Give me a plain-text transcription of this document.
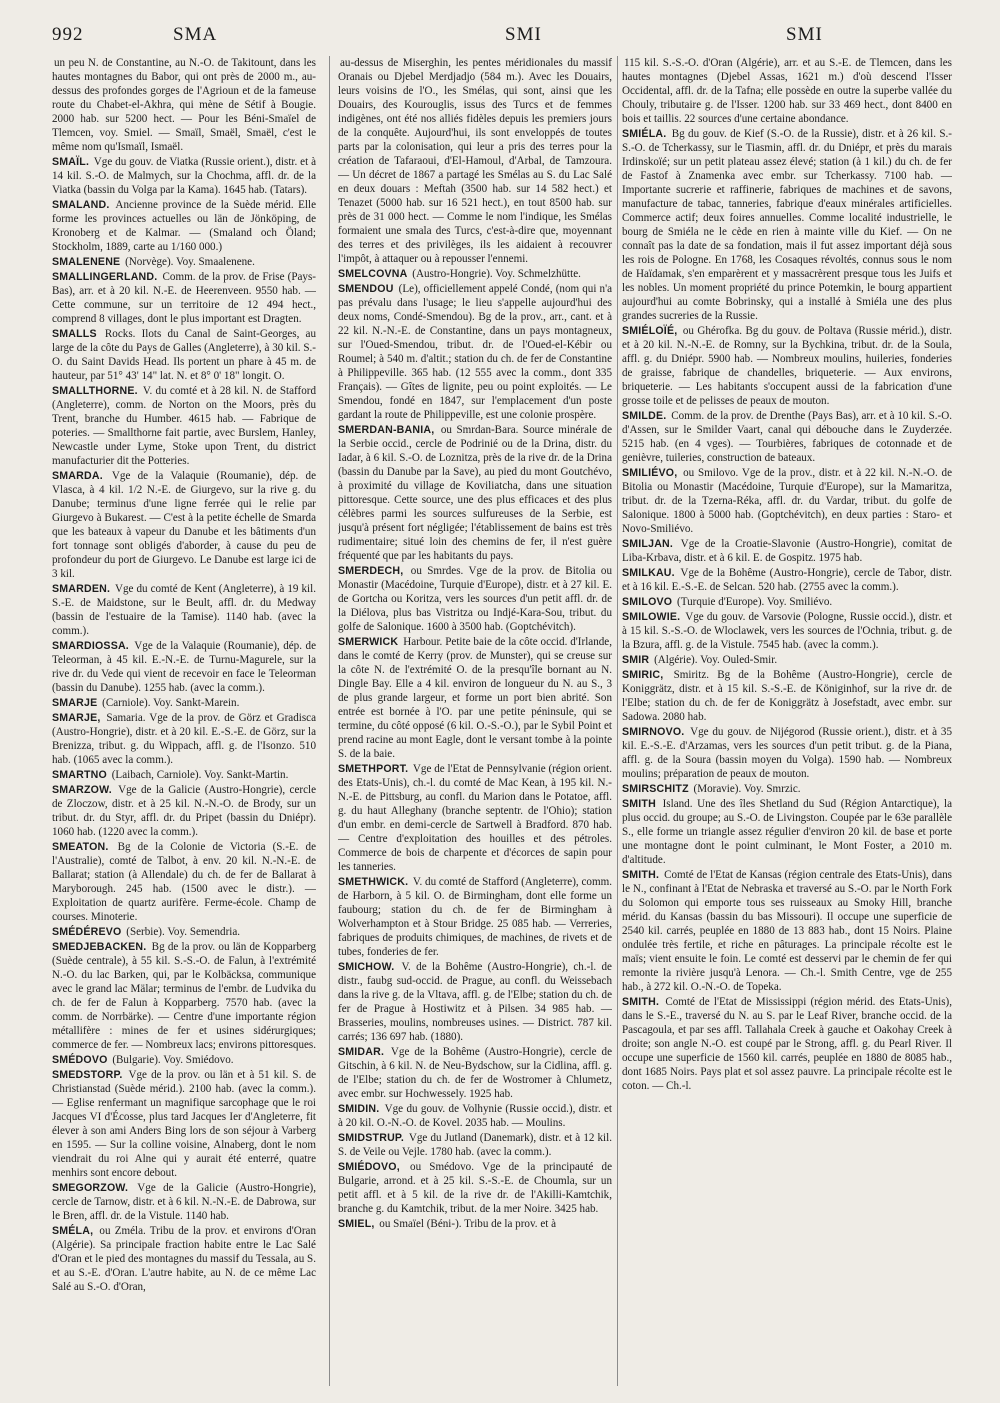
992	SMA	SMI	SMI

un peu N. de Constantine, au N.-O. de Takitount, dans les hautes montagnes du Babor, qui ont près de 2000 m., au-dessus des profondes gorges de l'Agrioun et de la fameuse route du Chabet-el-Akhra, qui mène de Sétif à Bougie. 2000 hab. sur 5200 hect. — Pour les Béni-Smaïel de Tlemcen, voy. Smiel. — Smaïl, Smaël, Smaël, c'est le même nom qu'Ismaïl, Ismaël.

SMAÏL. Vge du gouv. de Viatka (Russie orient.), distr. et à 14 kil. S.-O. de Malmych, sur la Chochma, affl. dr. de la Viatka (bassin du Volga par la Kama). 1645 hab. (Tatars).

SMALAND. Ancienne province de la Suède mérid. Elle forme les provinces actuelles ou län de Jönköping, de Kronoberg et de Kalmar. — (Smaland och Öland; Stockholm, 1889, carte au 1/160 000.)

SMALENENE (Norvège). Voy. Smaalenene.

SMALLINGERLAND. Comm. de la prov. de Frise (Pays-Bas), arr. et à 20 kil. N.-E. de Heerenveen. 9550 hab. — Cette commune, sur un territoire de 12 494 hect., comprend 8 villages, dont le plus important est Dragten.

SMALLS Rocks. Ilots du Canal de Saint-Georges, au large de la côte du Pays de Galles (Angleterre), à 30 kil. S.-O. du Saint Davids Head. Ils portent un phare à 45 m. de hauteur, par 51° 43' 14" lat. N. et 8° 0' 18" longit. O.

SMALLTHORNE. V. du comté et à 28 kil. N. de Stafford (Angleterre), comm. de Norton on the Moors, près du Trent, branche du Humber. 4615 hab. — Fabrique de poteries. — Smallthorne fait partie, avec Burslem, Hanley, Newcastle under Lyme, Stoke upon Trent, du district manufacturier dit the Potteries.

SMARDA. Vge de la Valaquie (Roumanie), dép. de Vlasca, à 4 kil. 1/2 N.-E. de Giurgevo, sur la rive g. du Danube; terminus d'une ligne ferrée qui le relie par Giurgevo à Bukarest. — C'est à la petite échelle de Smarda que les bateaux à vapeur du Danube et les bâtiments d'un fort tonnage sont obligés d'aborder, à cause du peu de profondeur du port de Giurgevo. Le Danube est large ici de 3 kil.

SMARDEN. Vge du comté de Kent (Angleterre), à 19 kil. S.-E. de Maidstone, sur le Beult, affl. dr. du Medway (bassin de l'estuaire de la Tamise). 1140 hab. (avec la comm.).

SMARDIOSSA. Vge de la Valaquie (Roumanie), dép. de Teleorman, à 45 kil. E.-N.-E. de Turnu-Magurele, sur la rive dr. du Vede qui vient de recevoir en face le Teleorman (bassin du Danube). 1255 hab. (avec la comm.).

SMARJE (Carniole). Voy. Sankt-Marein.

SMARJE, Samaria. Vge de la prov. de Görz et Gradisca (Austro-Hongrie), distr. et à 20 kil. E.-S.-E. de Görz, sur la Brenizza, tribut. g. du Wippach, affl. g. de l'Isonzo. 510 hab. (1065 avec la comm.).

SMARTNO (Laibach, Carniole). Voy. Sankt-Martin.

SMARZOW. Vge de la Galicie (Austro-Hongrie), cercle de Zloczow, distr. et à 25 kil. N.-N.-O. de Brody, sur un tribut. dr. du Styr, affl. dr. du Pripet (bassin du Dniépr). 1060 hab. (1220 avec la comm.).

SMEATON. Bg de la Colonie de Victoria (S.-E. de l'Australie), comté de Talbot, à env. 20 kil. N.-N.-E. de Ballarat; station (à Allendale) du ch. de fer de Ballarat à Maryborough. 245 hab. (1500 avec le distr.). — Exploitation de quartz aurifère. Ferme-école. Champ de courses. Minoterie.

SMÉDÉREVO (Serbie). Voy. Semendria.

SMEDJEBACKEN. Bg de la prov. ou län de Kopparberg (Suède centrale), à 55 kil. S.-S.-O. de Falun, à l'extrémité N.-O. du lac Barken, qui, par le Kolbäcksa, communique avec le grand lac Mälar; terminus de l'embr. de Ludvika du ch. de fer de Falun à Kopparberg. 7570 hab. (avec la comm. de Norrbärke). — Centre d'une importante région métallifère : mines de fer et usines sidérurgiques; commerce de fer. — Nombreux lacs; environs pittoresques.

SMÉDOVO (Bulgarie). Voy. Smiédovo.

SMEDSTORP. Vge de la prov. ou län et à 51 kil. S. de Christianstad (Suède mérid.). 2100 hab. (avec la comm.). — Eglise renfermant un magnifique sarcophage que le roi Jacques VI d'Écosse, plus tard Jacques Ier d'Angleterre, fit élever à son ami Anders Bing lors de son séjour à Varberg en 1595. — Sur la colline voisine, Alnaberg, dont le nom viendrait du roi Alne qui y aurait été enterré, quatre menhirs sont encore debout.

SMEGORZOW. Vge de la Galicie (Austro-Hongrie), cercle de Tarnow, distr. et à 6 kil. N.-N.-E. de Dabrowa, sur le Bren, affl. dr. de la Vistule. 1140 hab.

SMÉLA, ou Zméla. Tribu de la prov. et environs d'Oran (Algérie). Sa principale fraction habite entre le Lac Salé d'Oran et le pied des montagnes du massif du Tessala, au S. et au S.-E. d'Oran. L'autre habite, au N. de ce même Lac Salé au S.-O. d'Oran,

au-dessus de Miserghin, les pentes méridionales du massif Oranais ou Djebel Merdjadjo (584 m.). Avec les Douairs, leurs voisins de l'O., les Smélas, qui sont, ainsi que les Douairs, des Kourouglis, issus des Turcs et de femmes indigènes, ont été nos alliés fidèles depuis les premiers jours de la conquête. Aujourd'hui, ils sont enveloppés de toutes parts par la colonisation, qui leur a pris des terres pour la création de Tafaraoui, d'El-Hamoul, d'Arbal, de Tamzoura. — Un décret de 1867 a partagé les Smélas au S. du Lac Salé en deux douars : Meftah (3500 hab. sur 14 582 hect.) et Tenazet (5000 hab. sur 16 521 hect.), en tout 8500 hab. sur près de 31 000 hect. — Comme le nom l'indique, les Smélas formaient une smala des Turcs, c'est-à-dire que, moyennant des terres et des privilèges, ils les aidaient à recouvrer l'impôt, à attaquer ou à repousser l'ennemi.

SMELCOVNA (Austro-Hongrie). Voy. Schmelzhütte.

SMENDOU (Le), officiellement appelé Condé, (nom qui n'a pas prévalu dans l'usage; le lieu s'appelle aujourd'hui des deux noms, Condé-Smendou). Bg de la prov., arr., cant. et à 22 kil. N.-N.-E. de Constantine, dans un pays montagneux, sur l'Oued-Smendou, tribut. dr. de l'Oued-el-Kébir ou Roumel; à 540 m. d'altit.; station du ch. de fer de Constantine à Philippeville. 365 hab. (12 555 avec la comm., dont 335 Français). — Gîtes de lignite, peu ou point exploités. — Le Smendou, fondé en 1847, sur l'emplacement d'un poste gardant la route de Philippeville, est une colonie prospère.

SMERDAN-BANIA, ou Smrdan-Bara. Source minérale de la Serbie occid., cercle de Podrinié ou de la Drina, distr. du Iadar, à 6 kil. S.-O. de Loznitza, près de la rive dr. de la Drina (bassin du Danube par la Save), au pied du mont Goutchévo, à proximité du village de Koviliatcha, dans une situation pittoresque. Cette source, une des plus efficaces et des plus célèbres parmi les sources sulfureuses de la Serbie, est jusqu'à présent fort négligée; l'établissement de bains est très rudimentaire; situé loin des chemins de fer, il n'est guère fréquenté que par les habitants du pays.

SMERDECH, ou Smrdes. Vge de la prov. de Bitolia ou Monastir (Macédoine, Turquie d'Europe), distr. et à 27 kil. E. de Gortcha ou Koritza, vers les sources d'un petit affl. dr. de la Diélova, plus bas Vistritza ou Indjé-Kara-Sou, tribut. du golfe de Salonique. 1600 à 3500 hab. (Goptchévitch).

SMERWICK Harbour. Petite baie de la côte occid. d'Irlande, dans le comté de Kerry (prov. de Munster), qui se creuse sur la côte N. de l'extrémité O. de la presqu'île bornant au N. Dingle Bay. Elle a 4 kil. environ de longueur du N. au S., 3 de plus grande largeur, et forme un port bien abrité. Son entrée est bornée à l'O. par une petite péninsule, qui se termine, du côté opposé (6 kil. O.-S.-O.), par le Sybil Point et prend racine au mont Eagle, dont le versant tombe à la pointe S. de la baie.

SMETHPORT. Vge de l'Etat de Pennsylvanie (région orient. des Etats-Unis), ch.-l. du comté de Mac Kean, à 195 kil. N.-N.-E. de Pittsburg, au confl. du Marion dans le Potatoe, affl. g. du haut Alleghany (branche septentr. de l'Ohio); station d'un embr. en demi-cercle de Sartwell à Bradford. 870 hab. — Centre d'exploitation des houilles et des pétroles. Commerce de bois de charpente et d'écorces de sapin pour les tanneries.

SMETHWICK. V. du comté de Stafford (Angleterre), comm. de Harborn, à 5 kil. O. de Birmingham, dont elle forme un faubourg; station du ch. de fer de Birmingham à Wolverhampton et à Stour Bridge. 25 085 hab. — Verreries, fabriques de produits chimiques, de machines, de rivets et de tubes, fonderies de fer.

SMICHOW. V. de la Bohême (Austro-Hongrie), ch.-l. de distr., faubg sud-occid. de Prague, au confl. du Weissebach dans la rive g. de la Vltava, affl. g. de l'Elbe; station du ch. de fer de Prague à Hostiwitz et à Pilsen. 34 985 hab. — Brasseries, moulins, nombreuses usines. — District. 787 kil. carrés; 136 697 hab. (1880).

SMIDAR. Vge de la Bohême (Austro-Hongrie), cercle de Gitschin, à 6 kil. N. de Neu-Bydschow, sur la Cidlina, affl. g. de l'Elbe; station du ch. de fer de Wostromer à Chlumetz, avec embr. sur Hochwessely. 1925 hab.

SMIDIN. Vge du gouv. de Volhynie (Russie occid.), distr. et à 20 kil. O.-N.-O. de Kovel. 2035 hab. — Moulins.

SMIDSTRUP. Vge du Jutland (Danemark), distr. et à 12 kil. S. de Veile ou Vejle. 1780 hab. (avec la comm.).

SMIÉDOVO, ou Smédovo. Vge de la principauté de Bulgarie, arrond. et à 25 kil. S.-S.-E. de Choumla, sur un petit affl. et à 5 kil. de la rive dr. de l'Akilli-Kamtchik, branche g. du Kamtchik, tribut. de la mer Noire. 3425 hab.

SMIEL, ou Smaïel (Béni-). Tribu de la prov. et à

115 kil. S.-S.-O. d'Oran (Algérie), arr. et au S.-E. de Tlemcen, dans les hautes montagnes (Djebel Assas, 1621 m.) d'où descend l'Isser Occidental, affl. dr. de la Tafna; elle possède en outre la superbe vallée du Chouly, tributaire g. de l'Isser. 1200 hab. sur 33 469 hect., dont 8400 en bois et taillis. 22 sources d'une certaine abondance.

SMIÉLA. Bg du gouv. de Kief (S.-O. de la Russie), distr. et à 26 kil. S.-S.-O. de Tcherkassy, sur le Tiasmin, affl. dr. du Dniépr, et près du marais Irdinskoïé; sur un petit plateau assez élevé; station (à 1 kil.) du ch. de fer de Fastof à Znamenka avec embr. sur Tcherkassy. 7100 hab. — Importante sucrerie et raffinerie, fabriques de machines et de savons, manufacture de tabac, tanneries, fabrique d'eaux minérales artificielles. Commerce actif; deux foires annuelles. Comme localité industrielle, le bourg de Smiéla ne le cède en rien à mainte ville du Kief. — On ne connaît pas la date de sa fondation, mais il fut assez important déjà sous les rois de Pologne. En 1768, les Cosaques révoltés, connus sous le nom de Haïdamak, s'en emparèrent et y massacrèrent presque tous les Juifs et les nobles. Un moment propriété du prince Potemkin, le bourg appartient aujourd'hui au comte Bobrinsky, qui a installé à Smiéla une des plus grandes sucreries de la Russie.

SMIÉLOÏÉ, ou Ghérofka. Bg du gouv. de Poltava (Russie mérid.), distr. et à 20 kil. N.-N.-E. de Romny, sur la Bychkina, tribut. dr. de la Soula, affl. g. du Dniépr. 5900 hab. — Nombreux moulins, huileries, fonderies de graisse, fabrique de chandelles, briqueterie. — Aux environs, briqueterie. — Les habitants s'occupent aussi de la fabrication d'une grosse toile et de pelisses de peaux de mouton.

SMILDE. Comm. de la prov. de Drenthe (Pays Bas), arr. et à 10 kil. S.-O. d'Assen, sur le Smilder Vaart, canal qui débouche dans le Zuyderzée. 5215 hab. (en 4 vges). — Tourbières, fabriques de cotonnade et de genièvre, tuileries, construction de bateaux.

SMILIÉVO, ou Smilovo. Vge de la prov., distr. et à 22 kil. N.-N.-O. de Bitolia ou Monastir (Macédoine, Turquie d'Europe), sur la Mamaritza, tribut. dr. de la Tzerna-Réka, affl. dr. du Vardar, tribut. du golfe de Salonique. 1800 à 5000 hab. (Goptchévitch), en deux parties : Staro- et Novo-Smiliévo.

SMILJAN. Vge de la Croatie-Slavonie (Austro-Hongrie), comitat de Liba-Krbava, distr. et à 6 kil. E. de Gospitz. 1975 hab.

SMILKAU. Vge de la Bohême (Austro-Hongrie), cercle de Tabor, distr. et à 16 kil. E.-S.-E. de Selcan. 520 hab. (2755 avec la comm.).

SMILOVO (Turquie d'Europe). Voy. Smiliévo.

SMILOWIE. Vge du gouv. de Varsovie (Pologne, Russie occid.), distr. et à 15 kil. S.-S.-O. de Wloclawek, vers les sources de l'Ochnia, tribut. g. de la Bzura, affl. g. de la Vistule. 7545 hab. (avec la comm.).

SMIR (Algérie). Voy. Ouled-Smir.

SMIRIC, Smiritz. Bg de la Bohême (Austro-Hongrie), cercle de Koniggrätz, distr. et à 15 kil. S.-S.-E. de Königinhof, sur la rive dr. de l'Elbe; station du ch. de fer de Koniggrätz à Josefstadt, avec embr. sur Sadowa. 2080 hab.

SMIRNOVO. Vge du gouv. de Nijégorod (Russie orient.), distr. et à 35 kil. E.-S.-E. d'Arzamas, vers les sources d'un petit tribut. g. de la Piana, affl. g. de la Soura (bassin moyen du Volga). 1590 hab. — Nombreux moulins; préparation de peaux de mouton.

SMIRSCHITZ (Moravie). Voy. Smrzic.

SMITH Island. Une des îles Shetland du Sud (Région Antarctique), la plus occid. du groupe; au S.-O. de Livingston. Coupée par le 63e parallèle S., elle forme un triangle assez régulier d'environ 20 kil. de base et porte une montagne dont le point culminant, le Mont Foster, a 2010 m. d'altitude.

SMITH. Comté de l'Etat de Kansas (région centrale des Etats-Unis), dans le N., confinant à l'Etat de Nebraska et traversé au S.-O. par le North Fork du Solomon qui emporte tous ses ruisseaux au Smoky Hill, branche mérid. du Kansas (bassin du bas Missouri). Il occupe une superficie de 2540 kil. carrés, peuplée en 1880 de 13 883 hab., dont 15 Noirs. Plaine ondulée très fertile, et riche en pâturages. La principale récolte est le maïs; vient ensuite le foin. Le comté est desservi par le chemin de fer qui remonte la rivière jusqu'à Lenora. — Ch.-l. Smith Centre, vge de 255 hab., à 272 kil. O.-N.-O. de Topeka.

SMITH. Comté de l'Etat de Mississippi (région mérid. des Etats-Unis), dans le S.-E., traversé du N. au S. par le Leaf River, branche occid. de la Pascagoula, et par ses affl. Tallahala Creek à gauche et Oakohay Creek à droite; son angle N.-O. est coupé par le Strong, affl. g. du Pearl River. Il occupe une superficie de 1560 kil. carrés, peuplée en 1880 de 8085 hab., dont 1685 Noirs. Pays plat et sol assez pauvre. La principale récolte est le coton. — Ch.-l.
